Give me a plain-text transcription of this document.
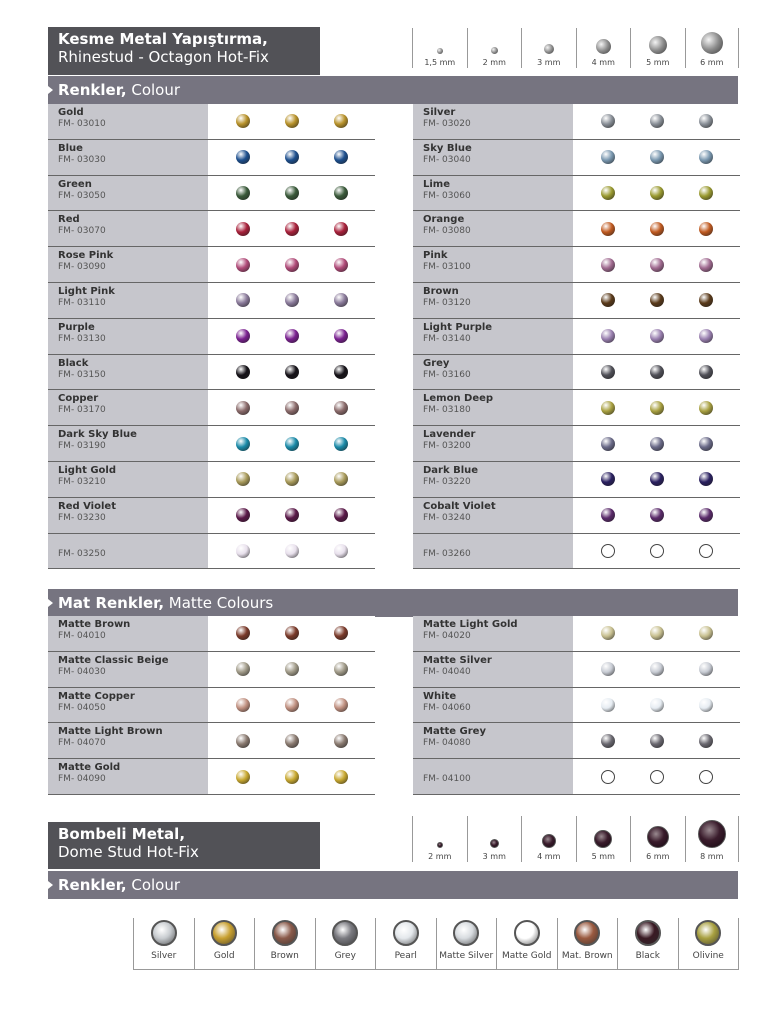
Kesme Metal Yapıştırma,
Rhinestud - Octagon Hot-Fix	1,5 mm	2 mm	3 mm	4 mm	5 mm	6 mm
Renkler, Colour
Gold
FM- 03010
Blue
FM- 03030
Green
FM- 03050
Red
FM- 03070
Rose Pink
FM- 03090
Light Pink
FM- 03110
Purple
FM- 03130
Black
FM- 03150
Copper
FM- 03170
Dark Sky Blue
FM- 03190
Light Gold
FM- 03210
Red Violet
FM- 03230
FM- 03250
Silver
FM- 03020
Sky Blue
FM- 03040
Lime
FM- 03060
Orange
FM- 03080
Pink
FM- 03100
Brown
FM- 03120
Light Purple
FM- 03140
Grey
FM- 03160
Lemon Deep
FM- 03180
Lavender
FM- 03200
Dark Blue
FM- 03220
Cobalt Violet
FM- 03240
FM- 03260
Mat Renkler, Matte Colours
Matte Brown
FM- 04010
Matte Classic Beige
FM- 04030
Matte Copper
FM- 04050
Matte Light Brown
FM- 04070
Matte Gold
FM- 04090
Matte Light Gold
FM- 04020
Matte Silver
FM- 04040
White
FM- 04060
Matte Grey
FM- 04080
FM- 04100
Bombeli Metal,
Dome Stud Hot-Fix	2 mm	3 mm	4 mm	5 mm	6 mm	8 mm
Renkler, Colour
Silver	Gold	Brown	Grey	Pearl Matte Silver Matte Gold Mat. Brown	Black	Olivine
